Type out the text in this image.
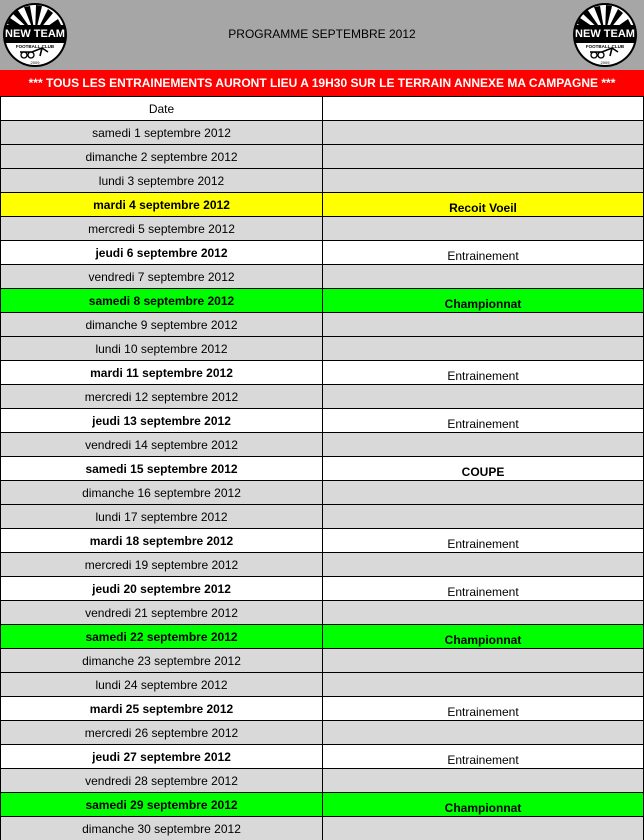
NEW TEAM
FOOTBALL CLUB
2009
PROGRAMME SEPTEMBRE 2012	NEW TEAM
FOOTBALL CLUB
2009
*** TOUS LES ENTRAINEMENTS AURONT LIEU A 19H30 SUR LE TERRAIN ANNEXE MA CAMPAGNE ***
Date
samedi 1 septembre 2012
dimanche 2 septembre 2012
lundi 3 septembre 2012
mardi 4 septembre 2012	Recoit Voeil
mercredi 5 septembre 2012
jeudi 6 septembre 2012	Entrainement
vendredi 7 septembre 2012
samedi 8 septembre 2012	Championnat
dimanche 9 septembre 2012
lundi 10 septembre 2012
mardi 11 septembre 2012	Entrainement
mercredi 12 septembre 2012
jeudi 13 septembre 2012	Entrainement
vendredi 14 septembre 2012
samedi 15 septembre 2012	COUPE
dimanche 16 septembre 2012
lundi 17 septembre 2012
mardi 18 septembre 2012	Entrainement
mercredi 19 septembre 2012
jeudi 20 septembre 2012	Entrainement
vendredi 21 septembre 2012
samedi 22 septembre 2012	Championnat
dimanche 23 septembre 2012
lundi 24 septembre 2012
mardi 25 septembre 2012	Entrainement
mercredi 26 septembre 2012
jeudi 27 septembre 2012	Entrainement
vendredi 28 septembre 2012
samedi 29 septembre 2012	Championnat
dimanche 30 septembre 2012
